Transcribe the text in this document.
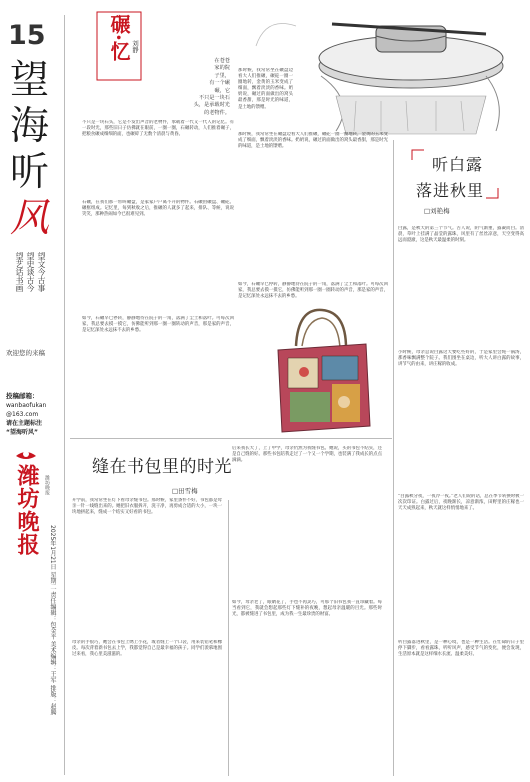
15
望
海
听
风
望文今古事
望史谈古今
望艺话书画
欢迎您的来稿
投稿邮箱：
wanbaofukan
@163.com
请在主题标注
“望海听风”
潍坊晚报 潍坊晚报
2025年1月21日 星期二 责任编辑：包金平 美术编辑：王军 排版：赵腾
碾·忆 刘静
在苍苍
家的院
子里，
有一个碾
碾，它
不只是一块石
头，是承载时光
的老物件。
不只是一块石头，它是不发出声音的老物件，承载着一代又一代人的记忆。有一段时光，那些旧日子仿佛就在眼前，一圈一圈，石碾转动，人们推着碾子，把粮食碾成细细的面，也碾碎了无数个清晨与黄昏。
石碾，在我们那一带叫碾盘，是家家户户离不开的物件。石碾由碾盘、碾砣、碾框组成。记忆里，每到秋收之后，推碾的人就多了起来，排队、等候，说说笑笑，那种热闹如今已很难见到。
那时候，我常常坐在碾盘边看大人们推碾，碾砣一圈一圈地转，金黄的玉米变成了细面，飘着淡淡的香味。奶奶说，碾过的面做出的窝头最香甜，那是时光的味道，是土地的馈赠。
那时候，我常常坐在碾盘边看大人们推碾，碾砣一圈一圈地转，金黄的玉米变成了细面，飘着淡淡的香味。奶奶说，碾过的面做出的窝头最香甜，那是时光的味道，是土地的馈赠。
如今，石碾早已停转，静静地待在院子的一角，落满了尘土和落叶。可每次回家，我总要去摸一摸它，仿佛能听到那一圈一圈转动的声音，那是家的声音，是记忆深处永远抹不去的乡愁。
听白露
落进秋里
□刘艳梅
白露，是秋天的第三个节气。古人说，阴气渐重，露凝而白。清晨，草叶上挂满了晶莹的露珠，风里有了丝丝凉意，天空变得高远而澄澈，这是秋天最温柔的时刻。
小时候，母亲总说白露这天要吃些好的，于是家里会炖一锅汤，那香味飘满整个院子。我们围坐在桌边，听大人讲白露的故事，讲节气的由来，讲庄稼的收成。
“白露秋分夜，一夜冷一夜。”老人们说的话，总在季节转换时被一次次印证。白露过后，夜晚渐长，凉意渐浓，田野里的庄稼也一天天成熟起来，秋天就这样悄悄地来了。
听白露落进秋里，是一种心境，也是一种生活。在忙碌的日子里停下脚步，看看露珠，听听风声，感受节气的变化，便会发现，生活原本就是这样细水长流、温柔美好。
如今，石碾早已停转，静静地待在院子的一角，落满了尘土和落叶。可每次回家，我总要去摸一摸它，仿佛能听到那一圈一圈转动的声音，那是家的声音，是记忆深处永远抹不去的乡愁。
缝在书包里的时光
□田雪梅
开学前，我常常坐在灯下看母亲缝书包。那时候，家里条件不好，书包都是母亲一针一线缝出来的。她把旧衣服拆开，洗干净，再剪成合适的大小，一块一块地拼起来，缝成一个结实又好看的书包。
母亲的手很巧，她会在书包上绣上小花，或者缝上一个口袋，用来装铅笔和橡皮。每次背着新书包去上学，我都觉得自己是最幸福的孩子。同学们羡慕地围过来看，我心里美滋滋的。
后来我长大了，上了中学，母亲仍然为我缝书包。她说，买的书包不结实，还是自己缝的好。那些书包陪我走过了一个又一个学期，也装满了我成长的点点滴滴。
如今，母亲老了，眼睛花了，手也不再灵巧，可那个旧书包我一直珍藏着。每当看到它，我就会想起那些灯下缝补的夜晚，想起母亲温暖的目光。那些时光，都被缝进了书包里，成为我一生最珍贵的财富。
